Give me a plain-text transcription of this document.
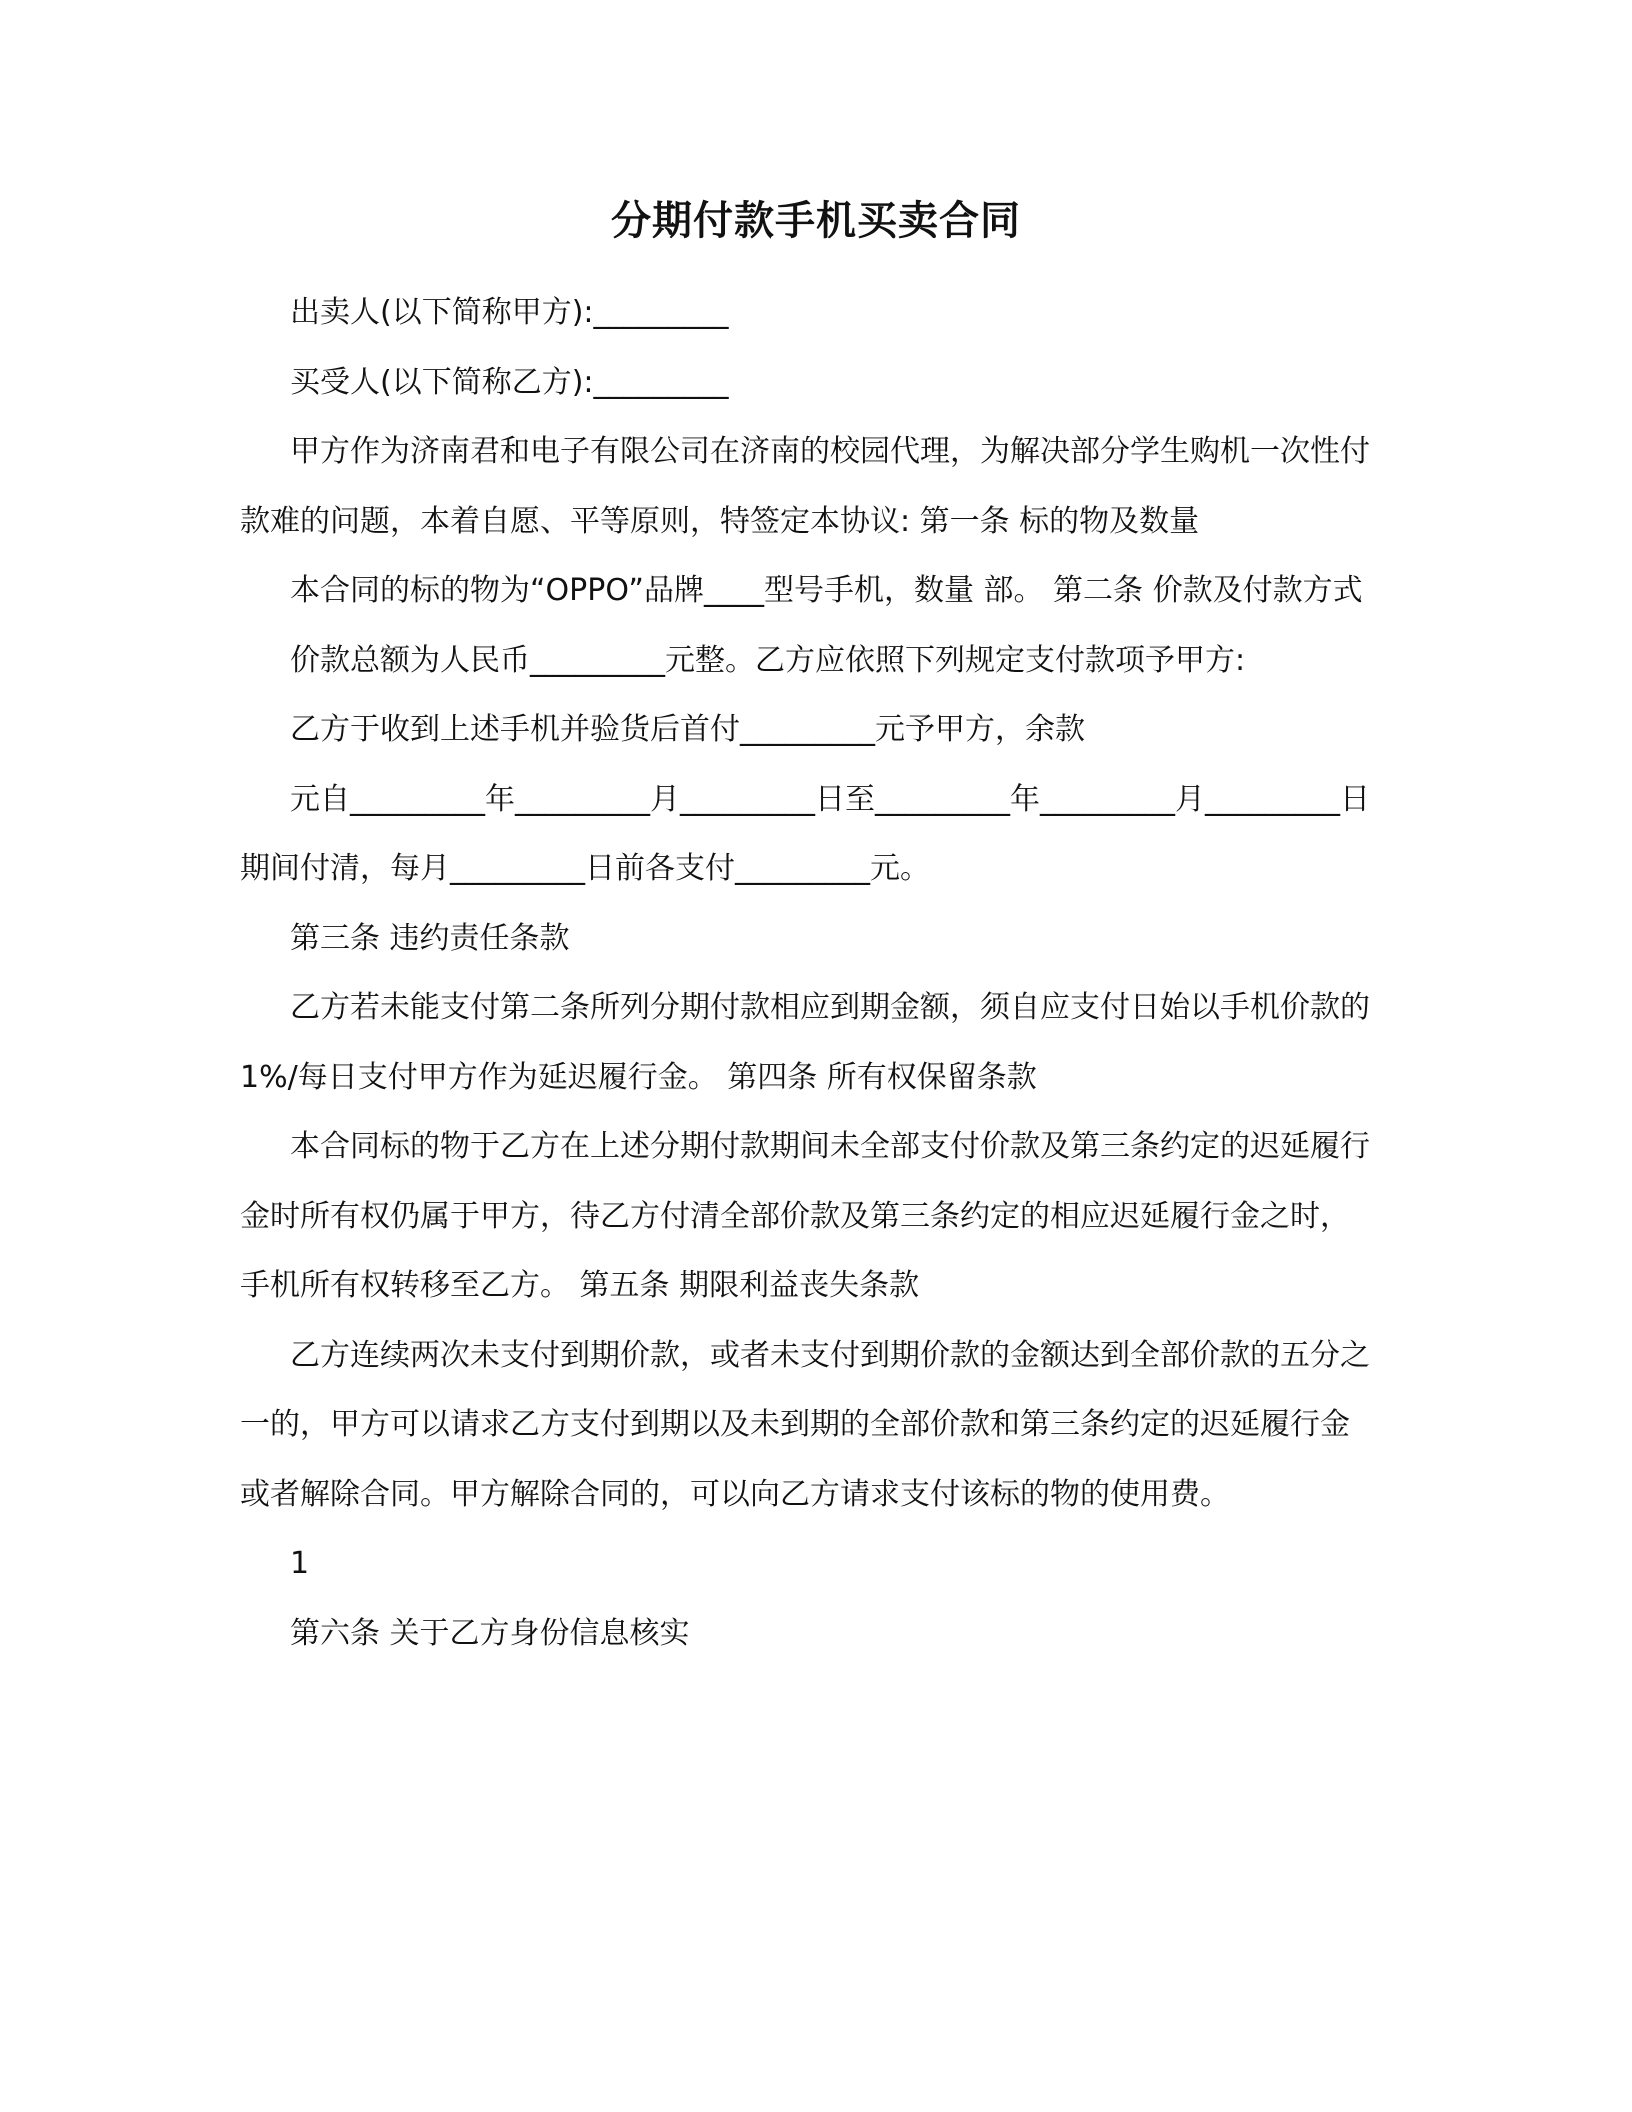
分期付款手机买卖合同

出卖人(以下简称甲方):_________

买受人(以下简称乙方):_________

甲方作为济南君和电子有限公司在济南的校园代理，为解决部分学生购机一次性付款难的问题，本着自愿、平等原则，特签定本协议: 第一条 标的物及数量

本合同的标的物为“OPPO”品牌____型号手机，数量 部。 第二条 价款及付款方式

价款总额为人民币_________元整。乙方应依照下列规定支付款项予甲方:

乙方于收到上述手机并验货后首付_________元予甲方，余款

元自_________年_________月_________日至_________年_________月_________日期间付清，每月_________日前各支付_________元。

第三条 违约责任条款

乙方若未能支付第二条所列分期付款相应到期金额，须自应支付日始以手机价款的 1%/每日支付甲方作为延迟履行金。 第四条 所有权保留条款

本合同标的物于乙方在上述分期付款期间未全部支付价款及第三条约定的迟延履行金时所有权仍属于甲方，待乙方付清全部价款及第三条约定的相应迟延履行金之时，手机所有权转移至乙方。 第五条 期限利益丧失条款

乙方连续两次未支付到期价款，或者未支付到期价款的金额达到全部价款的五分之一的，甲方可以请求乙方支付到期以及未到期的全部价款和第三条约定的迟延履行金或者解除合同。甲方解除合同的，可以向乙方请求支付该标的物的使用费。

1

第六条 关于乙方身份信息核实
